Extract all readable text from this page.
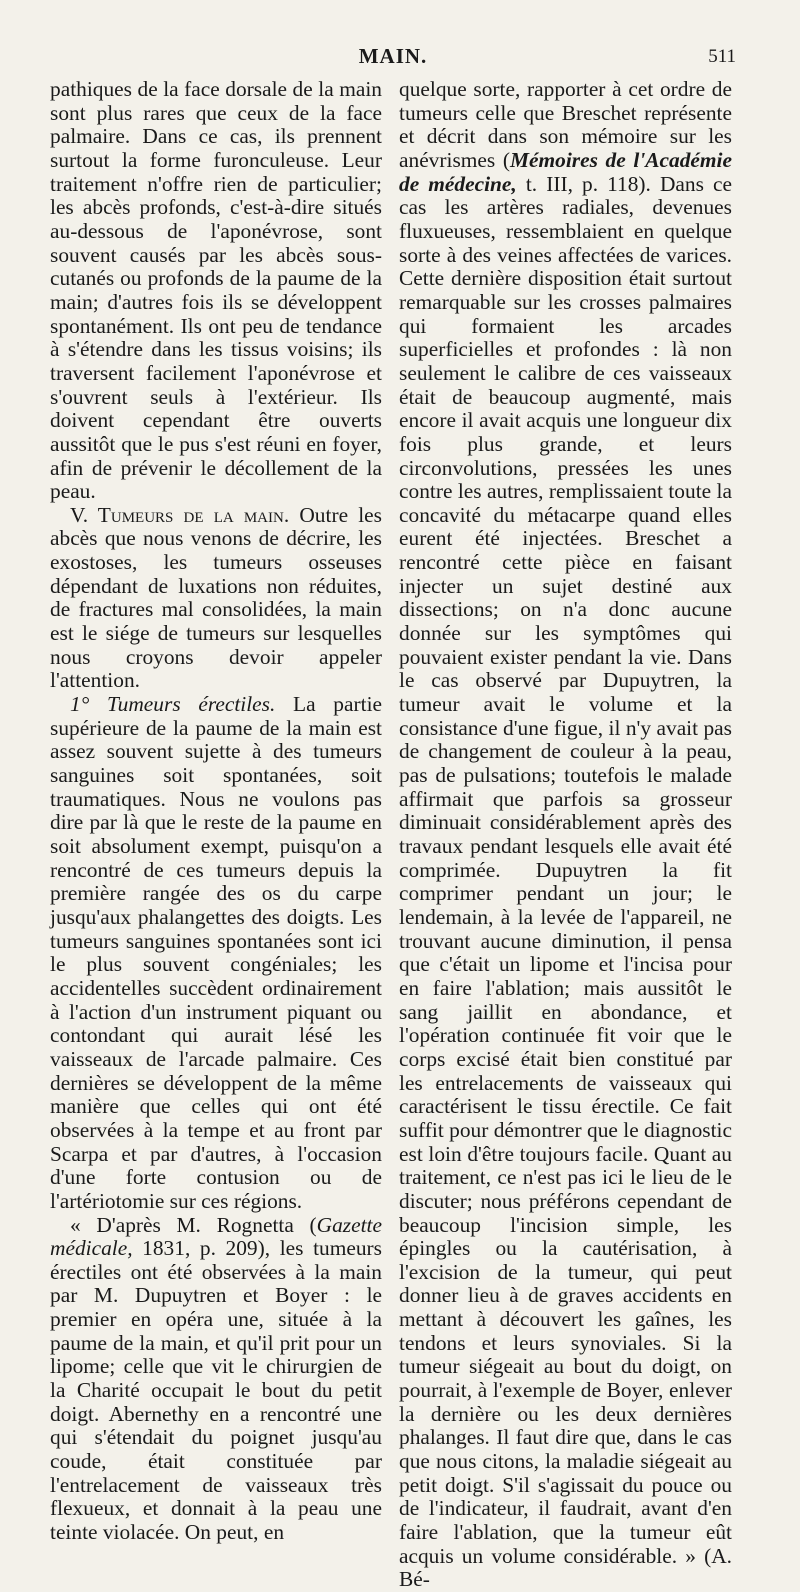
MAIN.	511

pathiques de la face dorsale de la main sont plus rares que ceux de la face palmaire. Dans ce cas, ils prennent surtout la forme furonculeuse. Leur traitement n'offre rien de particulier; les abcès profonds, c'est-à-dire situés au-dessous de l'aponévrose, sont souvent causés par les abcès sous-cutanés ou profonds de la paume de la main; d'autres fois ils se développent spontanément. Ils ont peu de tendance à s'étendre dans les tissus voisins; ils traversent facilement l'aponévrose et s'ouvrent seuls à l'extérieur. Ils doivent cependant être ouverts aussitôt que le pus s'est réuni en foyer, afin de prévenir le décollement de la peau.

V. Tumeurs de la main. Outre les abcès que nous venons de décrire, les exostoses, les tumeurs osseuses dépendant de luxations non réduites, de fractures mal consolidées, la main est le siége de tumeurs sur lesquelles nous croyons devoir appeler l'attention.

1° Tumeurs érectiles. La partie supérieure de la paume de la main est assez souvent sujette à des tumeurs sanguines soit spontanées, soit traumatiques. Nous ne voulons pas dire par là que le reste de la paume en soit absolument exempt, puisqu'on a rencontré de ces tumeurs depuis la première rangée des os du carpe jusqu'aux phalangettes des doigts. Les tumeurs sanguines spontanées sont ici le plus souvent congéniales; les accidentelles succèdent ordinairement à l'action d'un instrument piquant ou contondant qui aurait lésé les vaisseaux de l'arcade palmaire. Ces dernières se développent de la même manière que celles qui ont été observées à la tempe et au front par Scarpa et par d'autres, à l'occasion d'une forte contusion ou de l'artériotomie sur ces régions.

« D'après M. Rognetta (Gazette médicale, 1831, p. 209), les tumeurs érectiles ont été observées à la main par M. Dupuytren et Boyer : le premier en opéra une, située à la paume de la main, et qu'il prit pour un lipome; celle que vit le chirurgien de la Charité occupait le bout du petit doigt. Abernethy en a rencontré une qui s'étendait du poignet jusqu'au coude, était constituée par l'entrelacement de vaisseaux très flexueux, et donnait à la peau une teinte violacée. On peut, en

quelque sorte, rapporter à cet ordre de tumeurs celle que Breschet représente et décrit dans son mémoire sur les anévrismes (Mémoires de l'Académie de médecine, t. III, p. 118). Dans ce cas les artères radiales, devenues fluxueuses, ressemblaient en quelque sorte à des veines affectées de varices. Cette dernière disposition était surtout remarquable sur les crosses palmaires qui formaient les arcades superficielles et profondes : là non seulement le calibre de ces vaisseaux était de beaucoup augmenté, mais encore il avait acquis une longueur dix fois plus grande, et leurs circonvolutions, pressées les unes contre les autres, remplissaient toute la concavité du métacarpe quand elles eurent été injectées. Breschet a rencontré cette pièce en faisant injecter un sujet destiné aux dissections; on n'a donc aucune donnée sur les symptômes qui pouvaient exister pendant la vie. Dans le cas observé par Dupuytren, la tumeur avait le volume et la consistance d'une figue, il n'y avait pas de changement de couleur à la peau, pas de pulsations; toutefois le malade affirmait que parfois sa grosseur diminuait considérablement après des travaux pendant lesquels elle avait été comprimée. Dupuytren la fit comprimer pendant un jour; le lendemain, à la levée de l'appareil, ne trouvant aucune diminution, il pensa que c'était un lipome et l'incisa pour en faire l'ablation; mais aussitôt le sang jaillit en abondance, et l'opération continuée fit voir que le corps excisé était bien constitué par les entrelacements de vaisseaux qui caractérisent le tissu érectile. Ce fait suffit pour démontrer que le diagnostic est loin d'être toujours facile. Quant au traitement, ce n'est pas ici le lieu de le discuter; nous préférons cependant de beaucoup l'incision simple, les épingles ou la cautérisation, à l'excision de la tumeur, qui peut donner lieu à de graves accidents en mettant à découvert les gaînes, les tendons et leurs synoviales. Si la tumeur siégeait au bout du doigt, on pourrait, à l'exemple de Boyer, enlever la dernière ou les deux dernières phalanges. Il faut dire que, dans le cas que nous citons, la maladie siégeait au petit doigt. S'il s'agissait du pouce ou de l'indicateur, il faudrait, avant d'en faire l'ablation, que la tumeur eût acquis un volume considérable. » (A. Bé-
